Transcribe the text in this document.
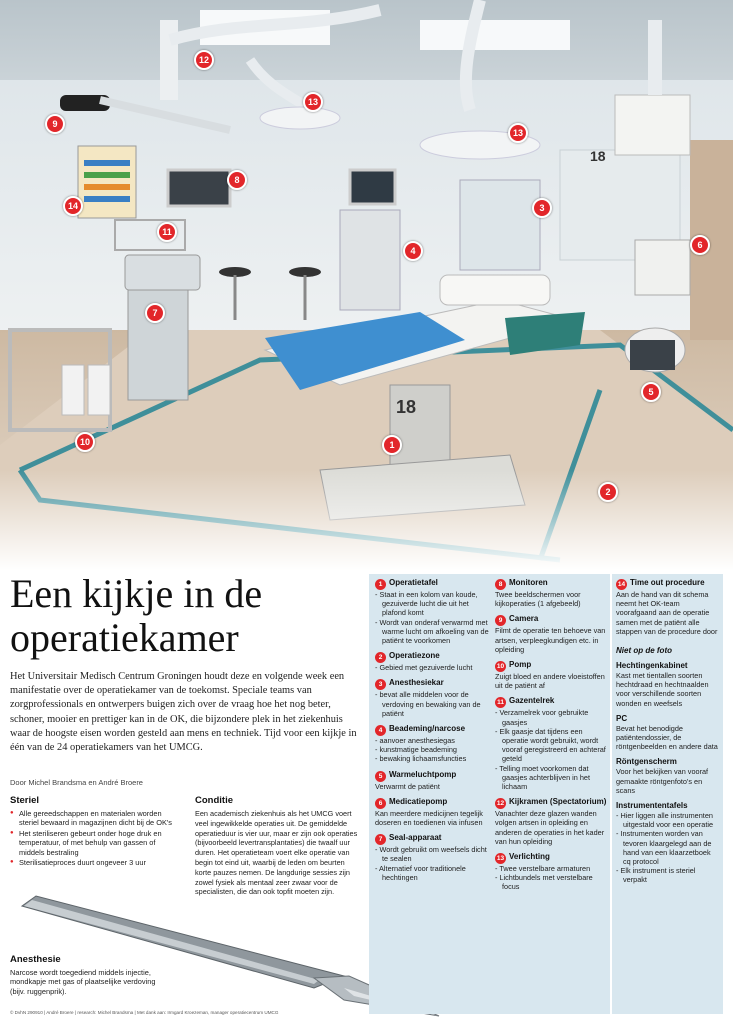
1
2
3
4
5
6
7
8
9
10
11
12
13
13
14
18
18
Een kijkje in de operatiekamer

Het Universitair Medisch Centrum Groningen houdt deze en volgende week een manifestatie over de operatiekamer van de toekomst. Speciale teams van zorgprofessionals en ontwerpers buigen zich over de vraag hoe het nog beter, schoner, mooier en prettiger kan in de OK, die bijzondere plek in het ziekenhuis waar de hoogste eisen worden gesteld aan mens en techniek. Tijd voor een kijkje in één van de 24 operatiekamers van het UMCG.

Door Michel Brandsma en André Broere
Steriel
● Alle gereedschappen en materialen worden steriel bewaard in magazijnen dicht bij de OK's
● Het steriliseren gebeurt onder hoge druk en temperatuur, of met behulp van gassen of middels bestraling
● Sterilisatieproces duurt ongeveer 3 uur
Conditie

Een academisch ziekenhuis als het UMCG voert veel ingewikkelde operaties uit. De gemiddelde operatieduur is vier uur, maar er zijn ook operaties (bijvoorbeeld levertransplantaties) die twaalf uur duren. Het operatieteam voert elke operatie van begin tot eind uit, waarbij de leden om beurten korte pauzes nemen. De langdurige sessies zijn zowel fysiek als mentaal zeer zwaar voor de specialisten, die dan ook topfit moeten zijn.

Anesthesie

Narcose wordt toegediend middels injectie, mondkapje met gas of plaatselijke verdoving (bijv. ruggenprik).

© DvhN 290910 | André Broere | research: Michel Brandsma | Met dank aan: Irmgard Kroezeman, manager operatiecentrum UMCG
1 Operatietafel
- Staat in een kolom van koude, gezuiverde lucht die uit het plafond komt
- Wordt van onderaf verwarmd met warme lucht om afkoeling van de patiënt te voorkomen
2 Operatiezone
- Gebied met gezuiverde lucht
3 Anesthesiekar
- bevat alle middelen voor de verdoving en bewaking van de patiënt
4 Beademing/narcose
- aanvoer anesthesiegas
- kunstmatige beademing
- bewaking lichaamsfuncties
5 Warmeluchtpomp

Verwarmt de patiënt

6 Medicatiepomp

Kan meerdere medicijnen tegelijk doseren en toedienen via infusen

7 Seal-apparaat
- Wordt gebruikt om weefsels dicht te sealen
- Alternatief voor traditionele hechtingen
8 Monitoren

Twee beeldschermen voor kijkoperaties (1 afgebeeld)

9 Camera

Filmt de operatie ten behoeve van artsen, verpleegkundigen etc. in opleiding

10 Pomp

Zuigt bloed en andere vloeistoffen uit de patiënt af

11 Gazentelrek
- Verzamelrek voor gebruikte gaasjes
- Elk gaasje dat tijdens een operatie wordt gebruikt, wordt vooraf geregistreerd en achteraf geteld
- Telling moet voorkomen dat gaasjes achterblijven in het lichaam
12 Kijkramen (Spectatorium)

Vanachter deze glazen wanden volgen artsen in opleiding en anderen de operaties in het kader van hun opleiding

13 Verlichting
- Twee verstelbare armaturen
- Lichtbundels met verstelbare focus
14 Time out procedure

Aan de hand van dit schema neemt het OK-team voorafgaand aan de operatie samen met de patiënt alle stappen van de procedure door

Niet op de foto
Hechtingenkabinet

Kast met tientallen soorten hechtdraad en hechtnaalden voor verschillende soorten wonden en weefsels

PC

Bevat het benodigde patiëntendossier, de röntgenbeelden en andere data

Röntgenscherm

Voor het bekijken van vooraf gemaakte röntgenfoto's en scans

Instrumententafels
- Hier liggen alle instrumenten uitgestald voor een operatie
- Instrumenten worden van tevoren klaargelegd aan de hand van een klaarzetboek cq protocol
- Elk instrument is steriel verpakt
